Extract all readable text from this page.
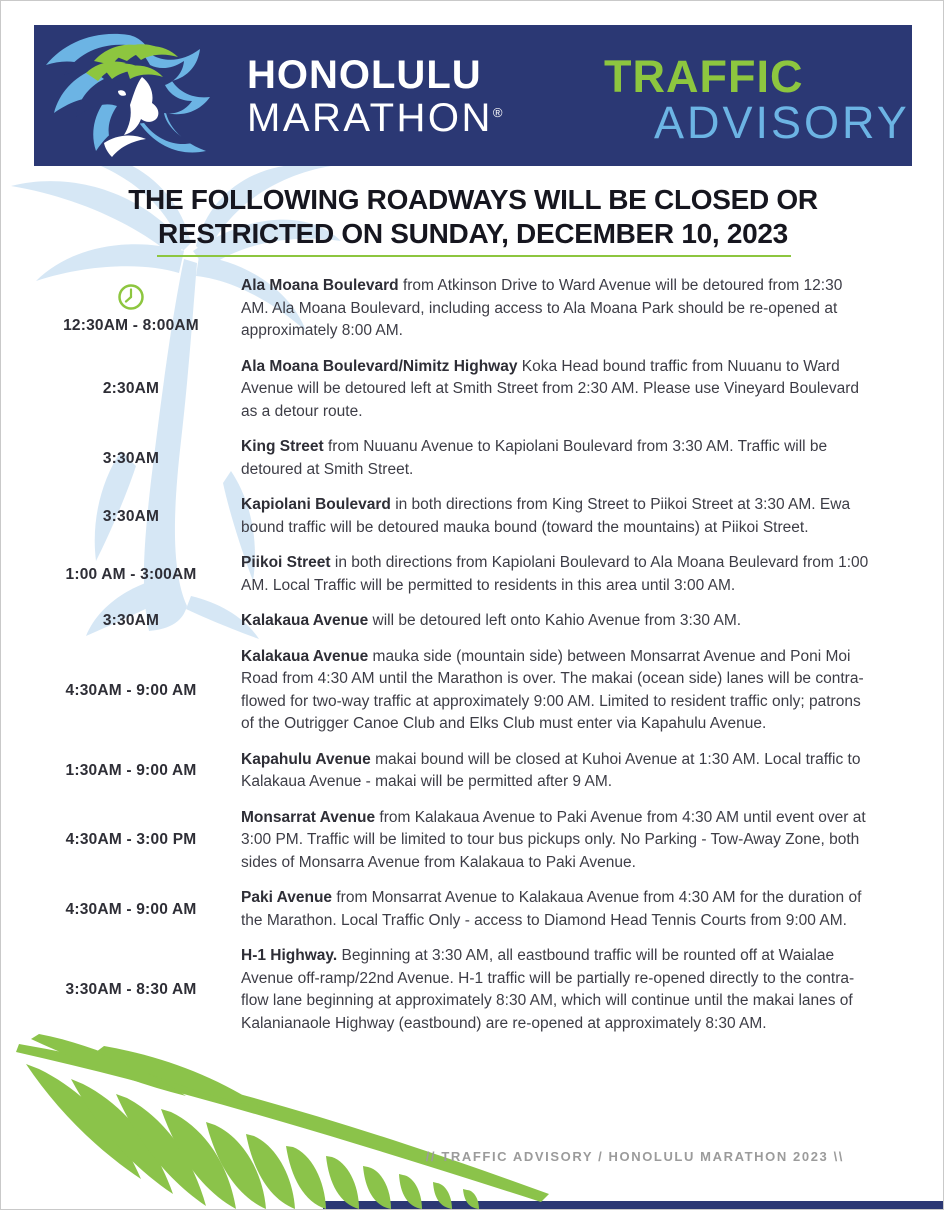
HONOLULU
MARATHON®
TRAFFIC
ADVISORY
THE FOLLOWING ROADWAYS WILL BE CLOSED OR
RESTRICTED ON SUNDAY, DECEMBER 10, 2023
12:30AM - 8:00AM

Ala Moana Boulevard from Atkinson Drive to Ward Avenue will be detoured from 12:30 AM. Ala Moana Boulevard, including access to Ala Moana Park should be re-opened at approximately 8:00 AM.

2:30AM

Ala Moana Boulevard/Nimitz Highway Koka Head bound traffic from Nuuanu to Ward Avenue will be detoured left at Smith Street from 2:30 AM. Please use Vineyard Boulevard as a detour route.

3:30AM

King Street from Nuuanu Avenue to Kapiolani Boulevard from 3:30 AM. Traffic will be detoured at Smith Street.

3:30AM

Kapiolani Boulevard in both directions from King Street to Piikoi Street at 3:30 AM. Ewa bound traffic will be detoured mauka bound (toward the mountains) at Piikoi Street.

1:00 AM - 3:00AM

Piikoi Street in both directions from Kapiolani Boulevard to Ala Moana Beulevard from 1:00 AM. Local Traffic will be permitted to residents in this area until 3:00 AM.

3:30AM	Kalakaua Avenue will be detoured left onto Kahio Avenue from 3:30 AM.

4:30AM - 9:00 AM

Kalakaua Avenue mauka side (mountain side) between Monsarrat Avenue and Poni Moi Road from 4:30 AM until the Marathon is over. The makai (ocean side) lanes will be contra-flowed for two-way traffic at approximately 9:00 AM. Limited to resident traffic only; patrons of the Outrigger Canoe Club and Elks Club must enter via Kapahulu Avenue.

1:30AM - 9:00 AM

Kapahulu Avenue makai bound will be closed at Kuhoi Avenue at 1:30 AM. Local traffic to Kalakaua Avenue - makai will be permitted after 9 AM.

4:30AM - 3:00 PM

Monsarrat Avenue from Kalakaua Avenue to Paki Avenue from 4:30 AM until event over at 3:00 PM. Traffic will be limited to tour bus pickups only. No Parking - Tow-Away Zone, both sides of Monsarra Avenue from Kalakaua to Paki Avenue.

4:30AM - 9:00 AM

Paki Avenue from Monsarrat Avenue to Kalakaua Avenue from 4:30 AM for the duration of the Marathon. Local Traffic Only - access to Diamond Head Tennis Courts from 9:00 AM.

3:30AM - 8:30 AM

H-1 Highway. Beginning at 3:30 AM, all eastbound traffic will be rounted off at Waialae Avenue off-ramp/22nd Avenue. H-1 traffic will be partially re-opened directly to the contra-flow lane beginning at approximately 8:30 AM, which will continue until the makai lanes of Kalanianaole Highway (eastbound) are re-opened at approximately 8:30 AM.

// TRAFFIC ADVISORY / HONOLULU MARATHON 2023 \\
